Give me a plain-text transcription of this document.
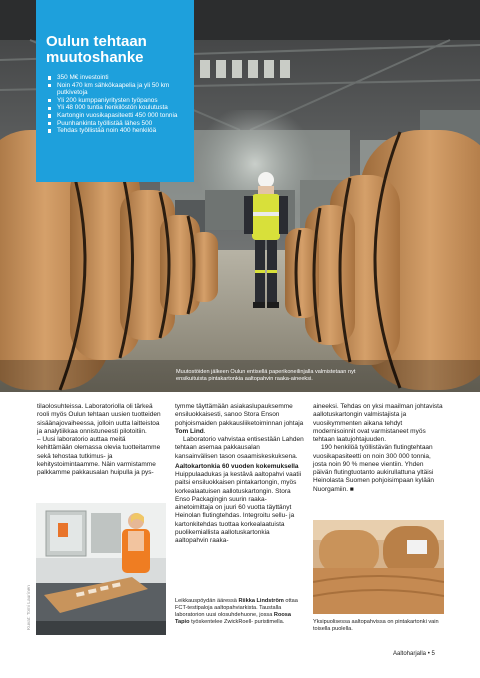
Oulun tehtaan muutoshanke
350 M€ investointi
Noin 470 km sähkökaapelia ja yli 50 km putkivetoja
Yli 200 kumppaniyritysten työpanos
Yli 48 000 tuntia henkilöstön koulutusta
Kartongin vuosikapasiteetti 450 000 tonnia
Puunhankinta työllistää lähes 500
Tehdas työllistää noin 400 henkilöä
Muutostöiden jälkeen Oulun entisellä paperikoneilinjalla valmistetaan nyt ensikuituista pintakartonkia aaltopahvin raaka-aineeksi.

tilaolosuhteissa. Laboratoriolla oli tärkeä rooli myös Oulun tehtaan uusien tuotteiden sisäänajovaiheessa, jolloin uutta laitteistoa ja analytiikkaa onnistuneesti pilotoitiin.

– Uusi laboratorio auttaa meitä kehittämään olemassa olevia tuotteitamme sekä tehostaa tutkimus- ja kehitystoimintaamme. Näin varmistamme palkkamme pakkausalan huipulla ja pys-

tymme täyttämään asiakaslupauksemme ensiluokkaisesti, sanoo Stora Enson pohjoismaiden pakkausliiketoiminnan johtaja Tom Lind.

Laboratorio vahvistaa entisestään Lahden tehtaan asemaa pakkausalan kansainvälisen tason osaamiskeskuksena.

Aaltokartonkia 60 vuoden kokemuksella

Huippulaadukas ja kestävä aaltopahvi vaatii paitsi ensiluokkaisen pintakartongin, myös korkealaatuisen aallotuskartongin. Stora Enso Packagingin suurin raaka-ainetoimittaja on juuri 60 vuotta täyttänyt Heinolan flutingtehdas. Integroitu sellu- ja kartonkitehdas tuottaa korkealaatuista puolikemiallista aallotuskartonkia aaltopahvin raaka-

aineeksi. Tehdas on yksi maailman johtavista aallotuskartongin valmistajista ja vuosikymmenten aikana tehdyt modernisoinnit ovat varmistaneet myös tehtaan laatujohtajuuden.

190 henkilöä työllistävän flutingtehtaan vuosikapasiteetti on noin 300 000 tonnia, josta noin 90 % menee vientiin. Yhden päivän flutingtuotanto aukirullattuna yltäisi Heinolasta Suomen pohjoisimpaan kylään Nuorgamiin. ■

Kuvat: Tomi Laurinen	Leikkauspöydän ääressä Riikka Lindström ottaa FCT-testipaloja aaltopahviarkista. Taustalla laboratorion uusi olosuhdehuone, jossa Roosa Tapio työskentelee ZwickRoell- puristimella.	Yksipuolisessa aaltopahvissa on pintakartonki vain toisella puolella.
Aaltoharjalla • 5
